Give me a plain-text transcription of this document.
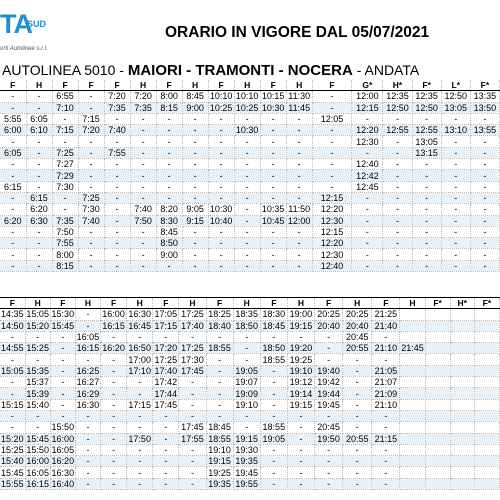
TA
SUD
orti Autolinee s.r.l.
ORARIO IN VIGORE DAL 05/07/2021
AUTOLINEA 5010 - MAIORI - TRAMONTI - NOCERA - ANDATA
F	H	F	F	F	H	F	H	F	H	F	H	F	G*	H*	F*	L*	F*
-	-	6:55	-	7:20	7:20	8:00	8:45	10:10	10:10	10:15	11:30	-	12:00	12:35	12:35	12:50	13:35
-	-	7:10	-	7:35	7:35	8:15	9:00	10:25	10:25	10:30	11:45	-	12:15	12:50	12:50	13:05	13:50
5:55	6:05	-	7:15	-	-	-	-	-	-	-	-	12:05	-	-	-	-	-
6:00	6:10	7:15	7:20	7:40	-	-	-	-	10:30	-	-	-	12:20	12:55	12:55	13:10	13:55
-	-	-	-	-	-	-	-	-	-	-	-	-	12:30	-	13:05	-	-
6:05	-	7:25	-	7:55	-	-	-	-	-	-	-	-	-	-	13:15	-	-
-	-	7:27	-	-	-	-	-	-	-	-	-	-	12:40	-	-	-	-
-	-	7:29	-	-	-	-	-	-	-	-	-	-	12:42	-	-	-	-
6:15	-	7:30	-	-	-	-	-	-	-	-	-	-	12:45	-	-	-	-
-	6:15	-	7:25	-	-	-	-	-	-	-	-	12:15	-	-	-	-	-
-	6:20	-	7:30	-	7:40	8:20	9:05	10:30	-	10:35	11:50	12:20	-	-	-	-	-
6:20	6:30	7:35	7:40	-	7:50	8:30	9:15	10:40	-	10:45	12:00	12:30	-	-	-	-	-
-	-	7:50	-	-	-	8:45	-	-	-	-	-	12:15	-	-	-	-	-
-	-	7:55	-	-	-	8:50	-	-	-	-	-	12:20	-	-	-	-	-
-	-	8:00	-	-	-	9:00	-	-	-	-	-	12:30	-	-	-	-	-
-	-	8:15	-	-	-	-	-	-	-	-	-	12:40	-	-	-	-	-
F	H	F	H	F	H	F	H	F	H	F	H	F	H	F	H	F*	H*	F*
14:35	15:05	15:30	-	16:00	16:30	17:05	17:25	18:25	18:35	18:30	19:00	20:25	20:25	21:25				
14:50	15:20	15:45	-	16:15	16:45	17:15	17:40	18:40	18:50	18:45	19:15	20:40	20:40	21:40				
-	-	-	16:05	-	-	-	-	-	-	-	-	-	20:45	-				
14:55	15:25	-	16:15	16:20	16:50	17:20	17:25	18:55	-	18:50	19:20	-	20:55	21:10	21:45			
-	-	-	-	-	17:00	17:25	17:30	-	-	18:55	19:25	-	-	-				
15:05	15:35	-	16:25	-	17:10	17:40	17:45	-	19:05	-	19:10	19:40	-	21:05				
-	15:37	-	16:27	-	-	17:42	-	-	19:07	-	19:12	19:42	-	21:07				
-	15:39	-	16:29	-	-	17:44	-	-	19:09	-	19:14	19:44	-	21:09				
15:15	15:40	-	16:30	-	17:15	17:45	-	-	19:10	-	19:15	19:45	-	21:10				
-	-	-	-	-	-	-	-	-	-	-	-	-	-	-				
-	-	15:50	-	-	-	-	17:45	18:45	-	18:55	-	20:45	-	-				
15:20	15:45	16:00	-	-	17:50	-	17:55	18:55	19:15	19:05	-	19:50	20:55	21:15				
15:25	15:50	16:05	-	-	-	-	-	19:10	19:30	-	-	-	-	-				
15:40	16:00	16:20	-	-	-	-	-	19:15	19:35	-	-	-	-	-				
15:45	16:05	16:30	-	-	-	-	-	19:25	19:45	-	-	-	-	-				
15:55	16:15	16:40	-	-	-	-	-	19:35	19:55	-	-	-	-	-				
